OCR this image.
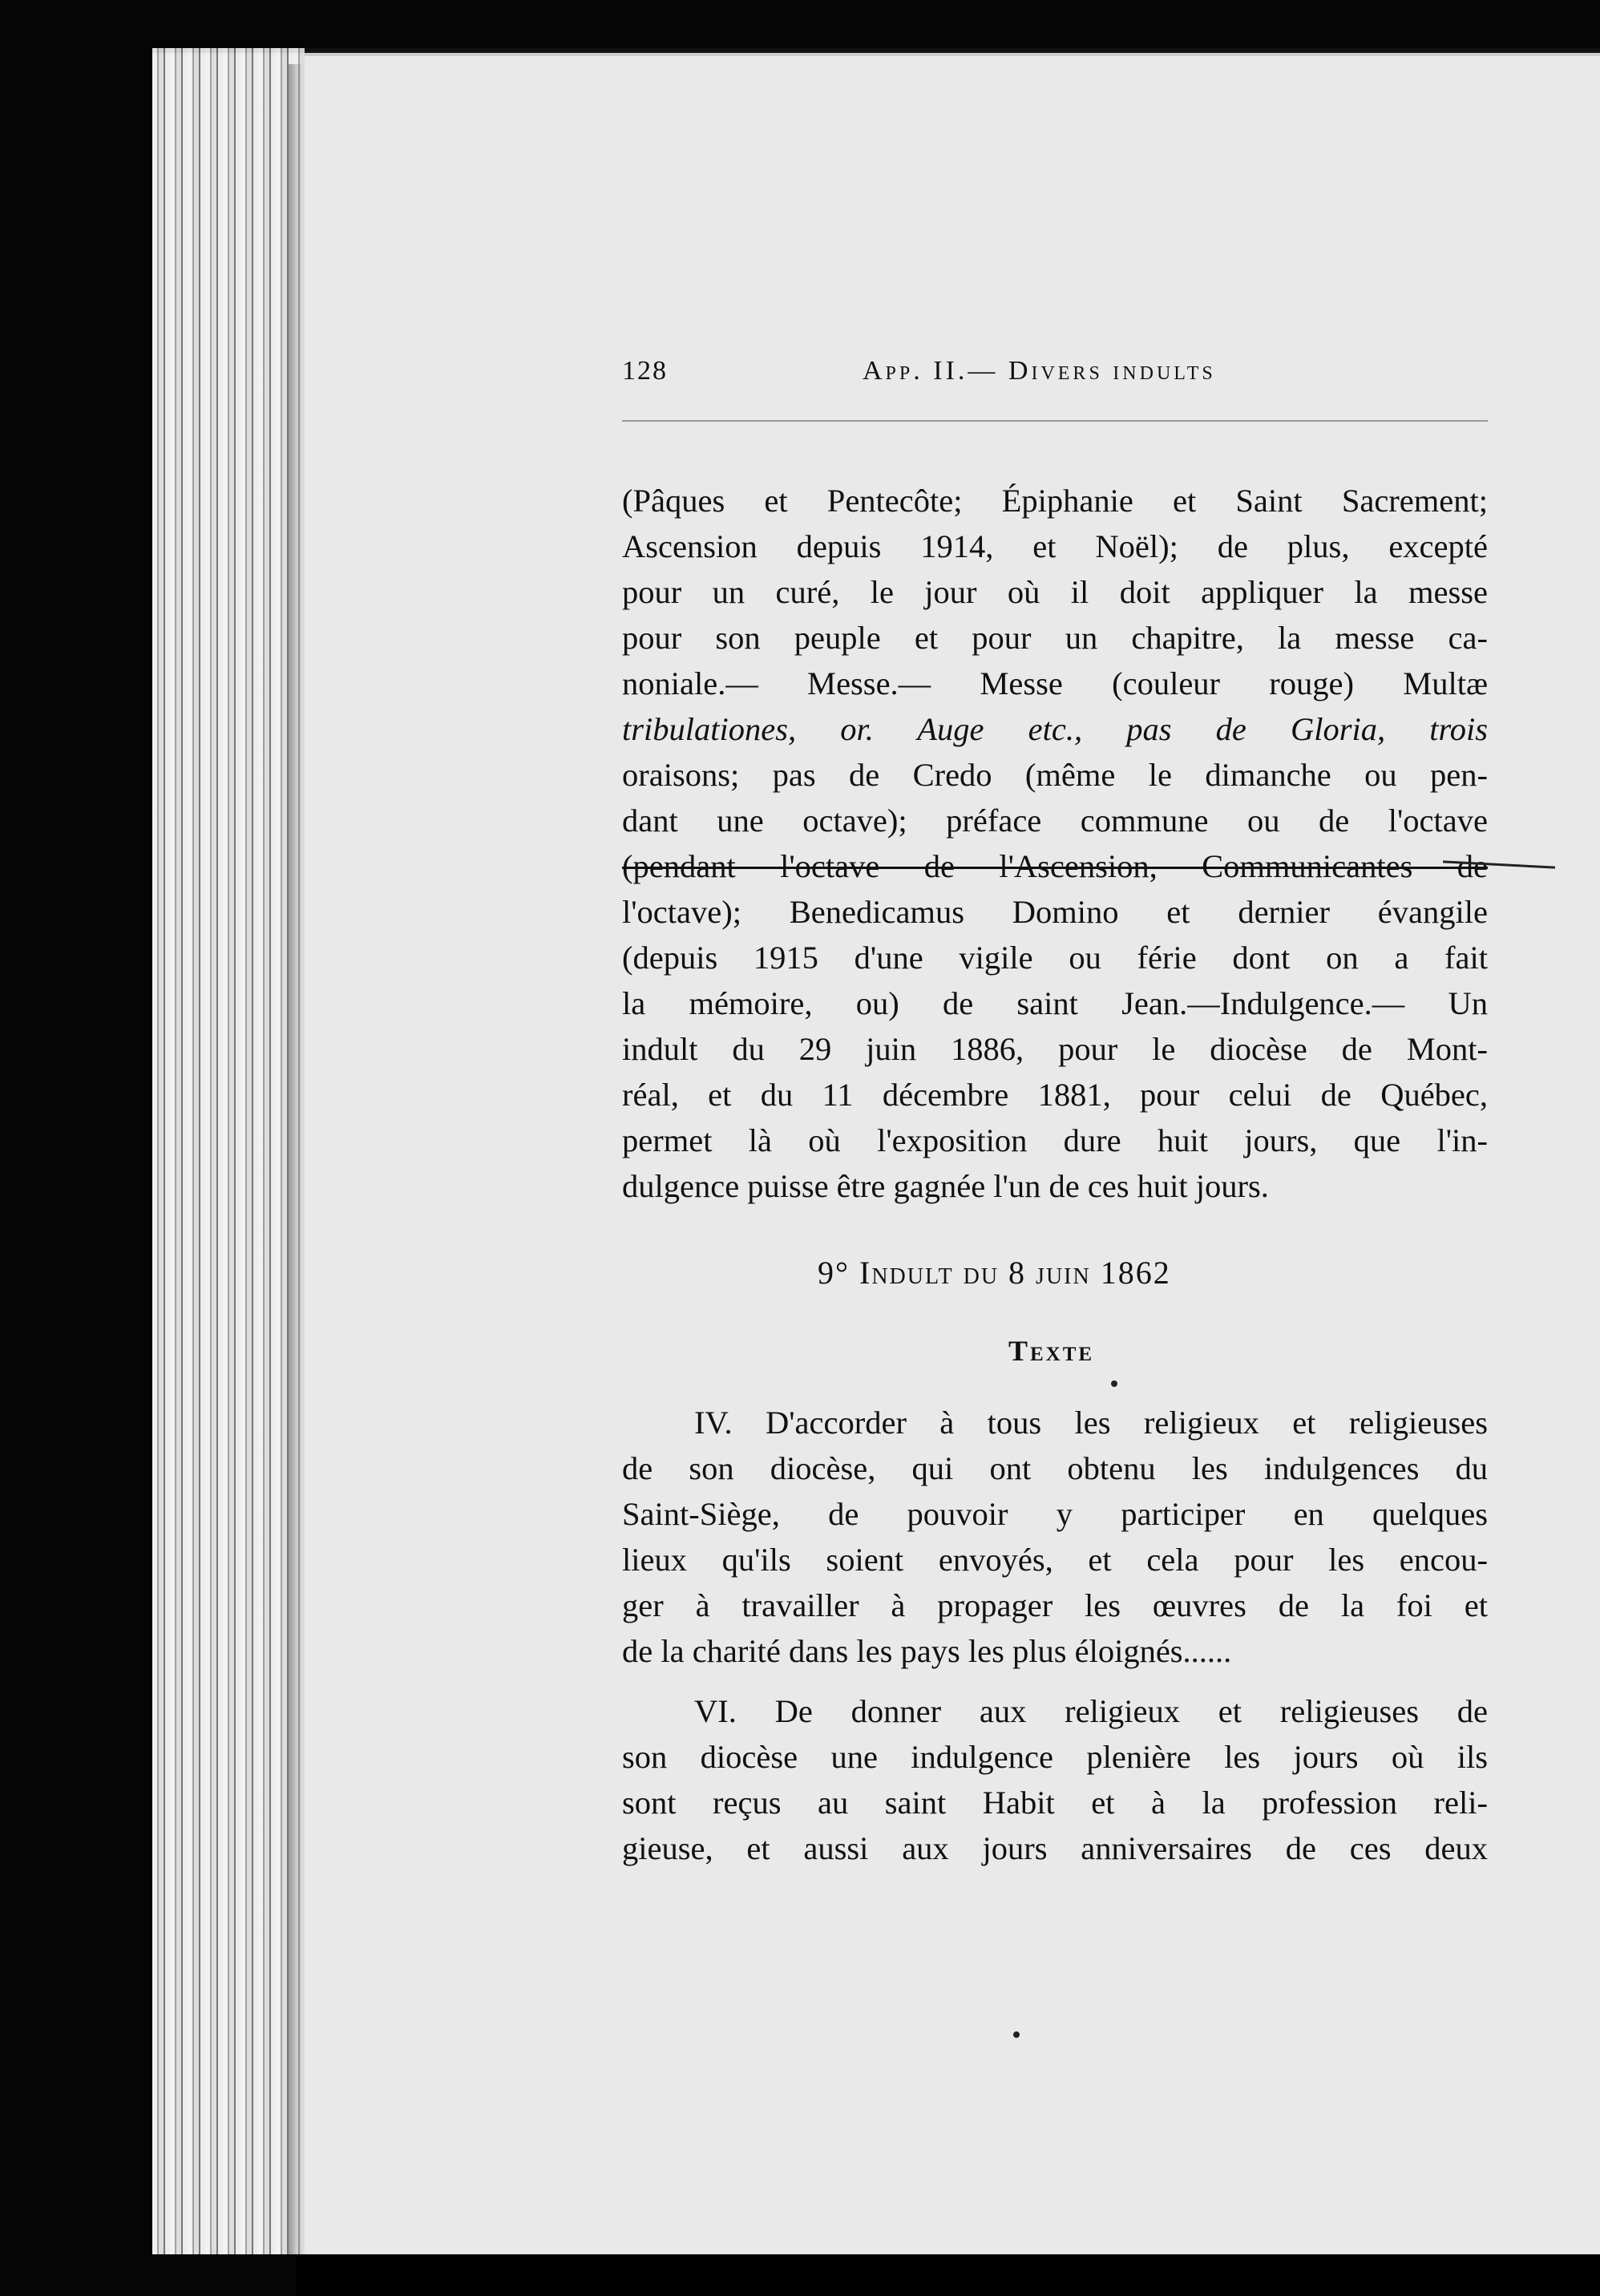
128	App. II.— Divers indults
(Pâques et Pentecôte; Épiphanie et Saint Sacrement;
Ascension depuis 1914, et Noël); de plus, excepté
pour un curé, le jour où il doit appliquer la messe
pour son peuple et pour un chapitre, la messe ca-
noniale.— Messe.— Messe (couleur rouge) Multæ
tribulationes, or. Auge etc., pas de Gloria, trois
oraisons; pas de Credo (même le dimanche ou pen-
dant une octave); préface commune ou de l'octave
(pendant l'octave de l'Ascension, Communicantes de
l'octave); Benedicamus Domino et dernier évangile
(depuis 1915 d'une vigile ou férie dont on a fait
la mémoire, ou) de saint Jean.—Indulgence.— Un
indult du 29 juin 1886, pour le diocèse de Mont-
réal, et du 11 décembre 1881, pour celui de Québec,
permet là où l'exposition dure huit jours, que l'in-
dulgence puisse être gagnée l'un de ces huit jours.
9° Indult du 8 juin 1862
Texte
IV. D'accorder à tous les religieux et religieuses
de son diocèse, qui ont obtenu les indulgences du
Saint-Siège, de pouvoir y participer en quelques
lieux qu'ils soient envoyés, et cela pour les encou-
ger à travailler à propager les œuvres de la foi et
de la charité dans les pays les plus éloignés......
VI. De donner aux religieux et religieuses de
son diocèse une indulgence plenière les jours où ils
sont reçus au saint Habit et à la profession reli-
gieuse, et aussi aux jours anniversaires de ces deux
